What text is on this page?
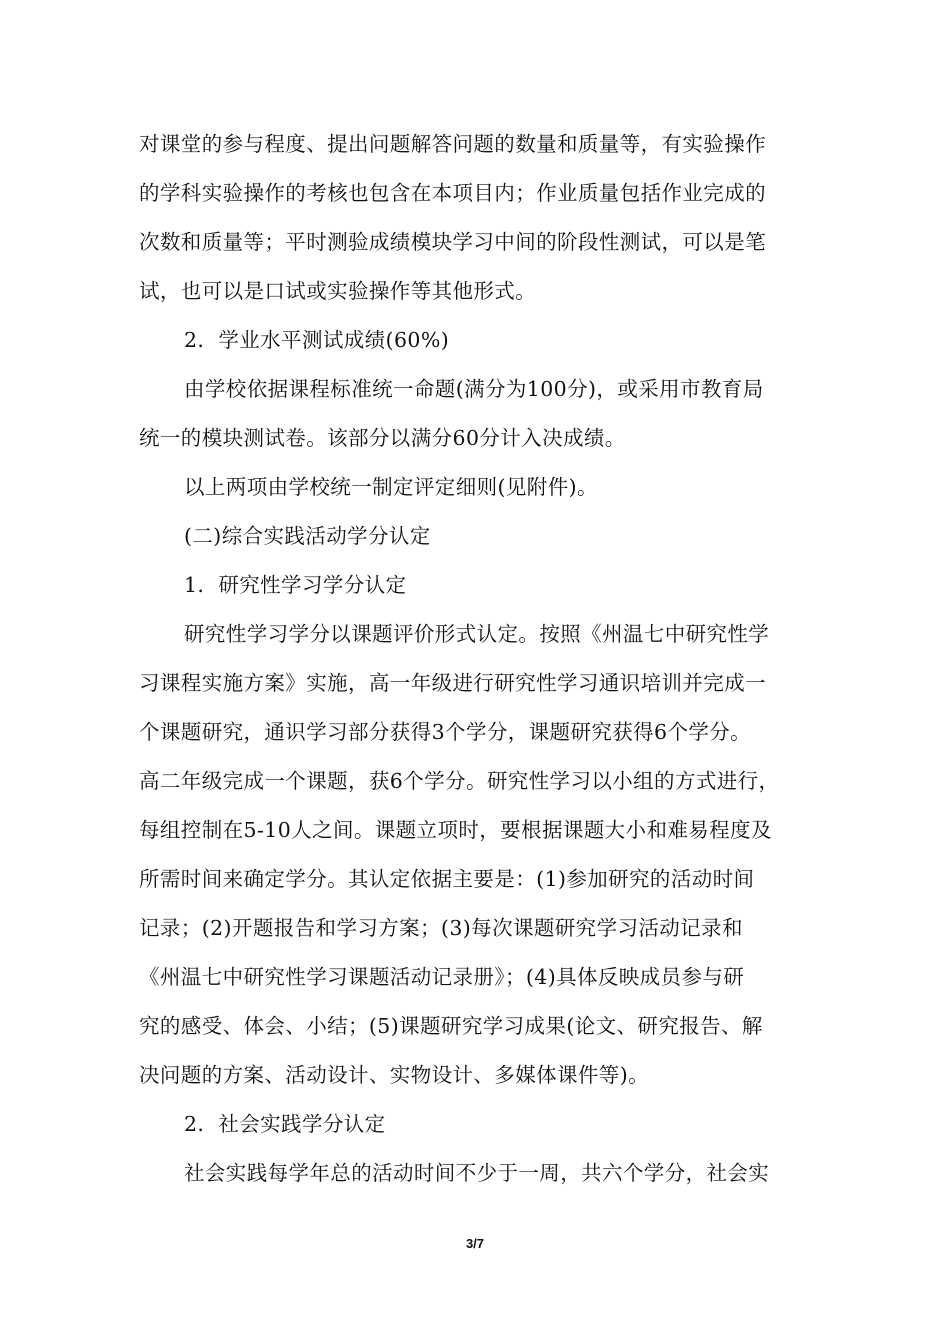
对课堂的参与程度、提出问题解答问题的数量和质量等，有实验操作
的学科实验操作的考核也包含在本项目内；作业质量包括作业完成的
次数和质量等；平时测验成绩模块学习中间的阶段性测试，可以是笔
试，也可以是口试或实验操作等其他形式。
2．学业水平测试成绩(60%)
由学校依据课程标准统一命题(满分为100分)，或采用市教育局
统一的模块测试卷。该部分以满分60分计入决成绩。
以上两项由学校统一制定评定细则(见附件)。
(二)综合实践活动学分认定
1．研究性学习学分认定
研究性学习学分以课题评价形式认定。按照《州温七中研究性学
习课程实施方案》实施，高一年级进行研究性学习通识培训并完成一
个课题研究，通识学习部分获得3个学分，课题研究获得6个学分。
高二年级完成一个课题，获6个学分。研究性学习以小组的方式进行，
每组控制在5-10人之间。课题立项时，要根据课题大小和难易程度及
所需时间来确定学分。其认定依据主要是：(1)参加研究的活动时间
记录；(2)开题报告和学习方案；(3)每次课题研究学习活动记录和
《州温七中研究性学习课题活动记录册》；(4)具体反映成员参与研
究的感受、体会、小结；(5)课题研究学习成果(论文、研究报告、解
决问题的方案、活动设计、实物设计、多媒体课件等)。
2．社会实践学分认定
社会实践每学年总的活动时间不少于一周，共六个学分，社会实
3/7
